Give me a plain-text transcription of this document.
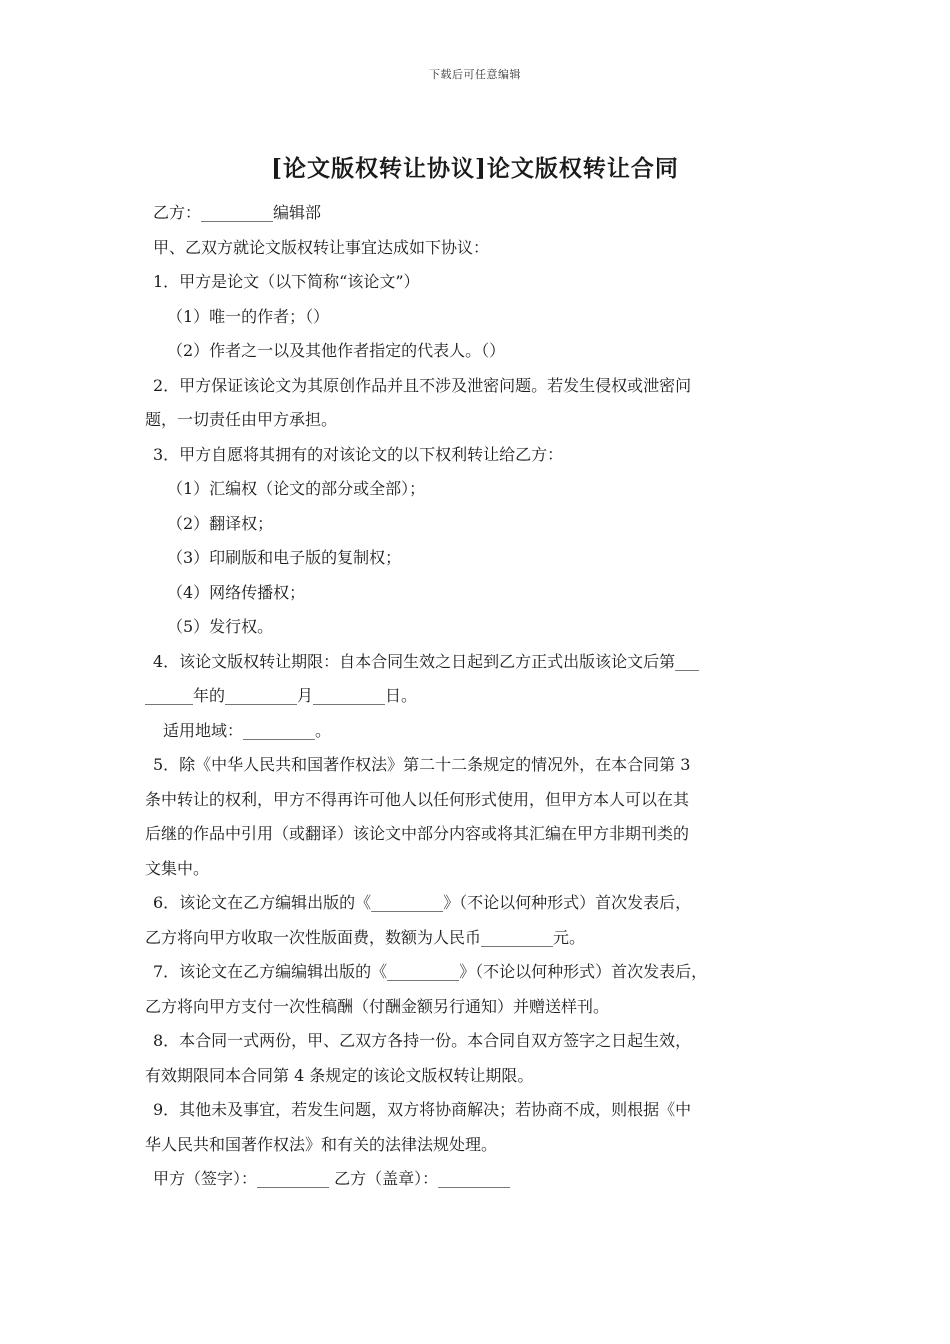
下载后可任意编辑
[论文版权转让协议]论文版权转让合同
乙方：_________编辑部
甲、乙双方就论文版权转让事宜达成如下协议：
1．甲方是论文（以下简称“该论文”）
（1）唯一的作者；（）
（2）作者之一以及其他作者指定的代表人。（）
2．甲方保证该论文为其原创作品并且不涉及泄密问题。若发生侵权或泄密问
题，一切责任由甲方承担。
3．甲方自愿将其拥有的对该论文的以下权利转让给乙方：
（1）汇编权（论文的部分或全部）；
（2）翻译权；
（3）印刷版和电子版的复制权；
（4）网络传播权；
（5）发行权。
4．该论文版权转让期限：自本合同生效之日起到乙方正式出版该论文后第___
______年的_________月_________日。
适用地域：_________。
5．除《中华人民共和国著作权法》第二十二条规定的情况外，在本合同第 3
条中转让的权利，甲方不得再许可他人以任何形式使用，但甲方本人可以在其
后继的作品中引用（或翻译）该论文中部分内容或将其汇编在甲方非期刊类的
文集中。
6．该论文在乙方编辑出版的《_________》（不论以何种形式）首次发表后，
乙方将向甲方收取一次性版面费，数额为人民币_________元。
7．该论文在乙方编编辑出版的《_________》（不论以何种形式）首次发表后，
乙方将向甲方支付一次性稿酬（付酬金额另行通知）并赠送样刊。
8．本合同一式两份，甲、乙双方各持一份。本合同自双方签字之日起生效，
有效期限同本合同第 4 条规定的该论文版权转让期限。
9．其他未及事宜，若发生问题，双方将协商解决；若协商不成，则根据《中
华人民共和国著作权法》和有关的法律法规处理。
甲方（签字）：_________ 乙方（盖章）：_________
